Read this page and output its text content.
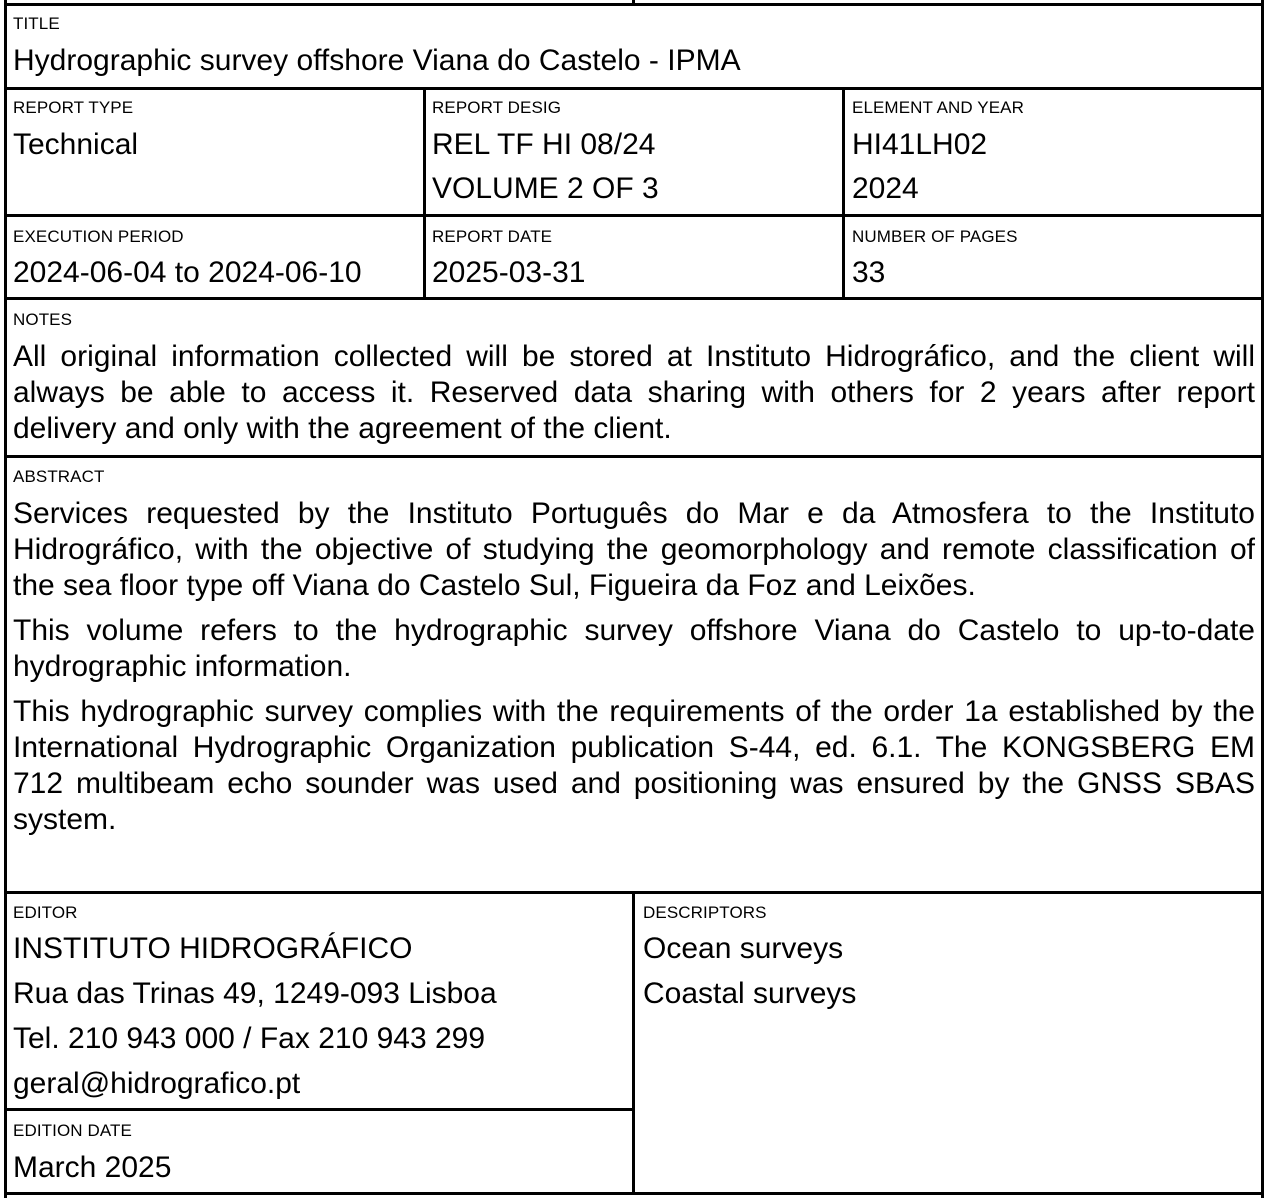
TITLE
Hydrographic survey offshore Viana do Castelo - IPMA
REPORT TYPE
Technical
REPORT DESIG
REL TF HI 08/24
VOLUME 2 OF 3
ELEMENT AND YEAR
HI41LH02
2024
EXECUTION PERIOD
2024-06-04 to 2024-06-10
REPORT DATE
2025-03-31
NUMBER OF PAGES
33
NOTES
All original information collected will be stored at Instituto Hidrográfico, and the client will always be able to access it. Reserved data sharing with others for 2 years after report delivery and only with the agreement of the client.
ABSTRACT
Services requested by the Instituto Português do Mar e da Atmosfera to the Instituto Hidrográfico, with the objective of studying the geomorphology and remote classification of the sea floor type off Viana do Castelo Sul, Figueira da Foz and Leixões.
This volume refers to the hydrographic survey offshore Viana do Castelo to up-to-date hydrographic information.
This hydrographic survey complies with the requirements of the order 1a established by the International Hydrographic Organization publication S-44, ed. 6.1. The KONGSBERG EM 712 multibeam echo sounder was used and positioning was ensured by the GNSS SBAS system.
EDITOR
INSTITUTO HIDROGRÁFICO
Rua das Trinas 49, 1249-093 Lisboa
Tel. 210 943 000 / Fax 210 943 299
geral@hidrografico.pt
DESCRIPTORS
Ocean surveys
Coastal surveys
EDITION DATE
March 2025
